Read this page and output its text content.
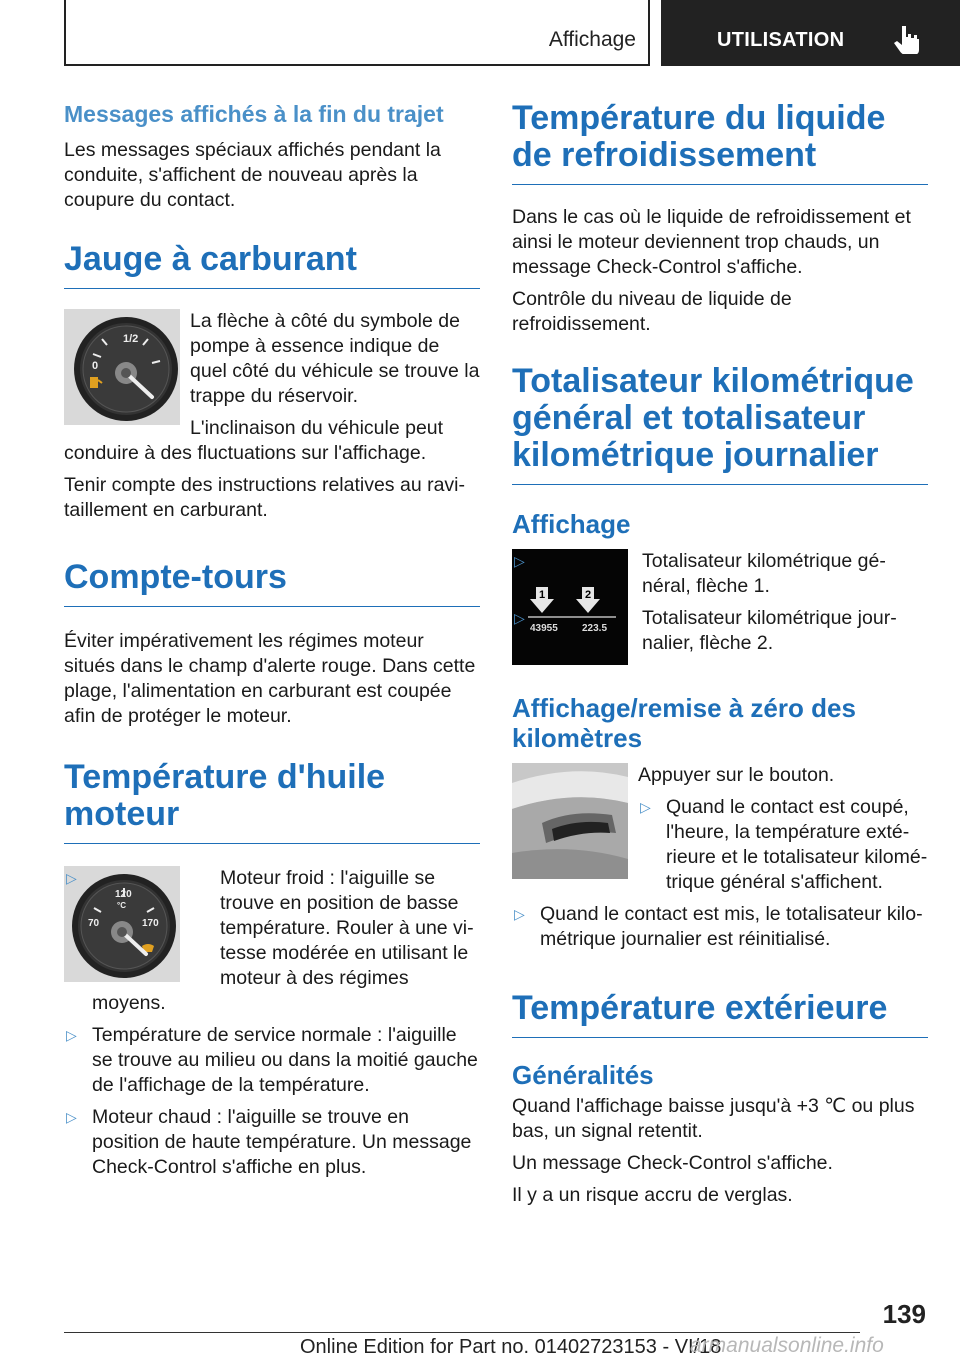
Affichage	UTILISATION
Messages affichés à la fin du trajet

Les messages spéciaux affichés pendant la conduite, s'affichent de nouveau après la coupure du contact.

Jauge à carburant
1/2
0

La flèche à côté du symbole de pompe à essence indique de quel côté du véhicule se trouve la trappe du réservoir.

L'inclinaison du véhicule peut conduire à des fluctuations sur l'affichage.

Tenir compte des instructions relatives au ravitaillement en carburant.

Compte-tours

Éviter impérativement les régimes moteur situés dans le champ d'alerte rouge. Dans cette plage, l'alimentation en carburant est coupée afin de protéger le moteur.

Température d'huile moteur
120
°C
70	170
▷	Moteur froid : l'aiguille se trouve en position de basse température. Rouler à une vitesse modérée en utilisant le moteur à des régimes moyens.
▷ Température de service normale : l'aiguille se trouve au milieu ou dans la moitié gauche de l'affichage de la température.
▷ Moteur chaud : l'aiguille se trouve en position de haute température. Un message Check-Control s'affiche en plus.
Température du liquide de refroidissement

Dans le cas où le liquide de refroidissement et ainsi le moteur deviennent trop chauds, un message Check-Control s'affiche.

Contrôle du niveau de liquide de refroidissement.

Totalisateur kilométrique général et totalisateur kilométrique journalier
Affichage
1	2
43955 223.5
▷	Totalisateur kilométrique général, flèche 1.
▷	Totalisateur kilométrique journalier, flèche 2.
Affichage/remise à zéro des kilomètres

Appuyer sur le bouton.

▷ Quand le contact est coupé, l'heure, la température extérieure et le totalisateur kilométrique général s'affichent.
▷ Quand le contact est mis, le totalisateur kilométrique journalier est réinitialisé.
Température extérieure
Généralités

Quand l'affichage baisse jusqu'à +3 ℃ ou plus bas, un signal retentit.

Un message Check-Control s'affiche.

Il y a un risque accru de verglas.

139
Online Edition for Part no. 01402723153 - VI/18
armanualsonline.info
